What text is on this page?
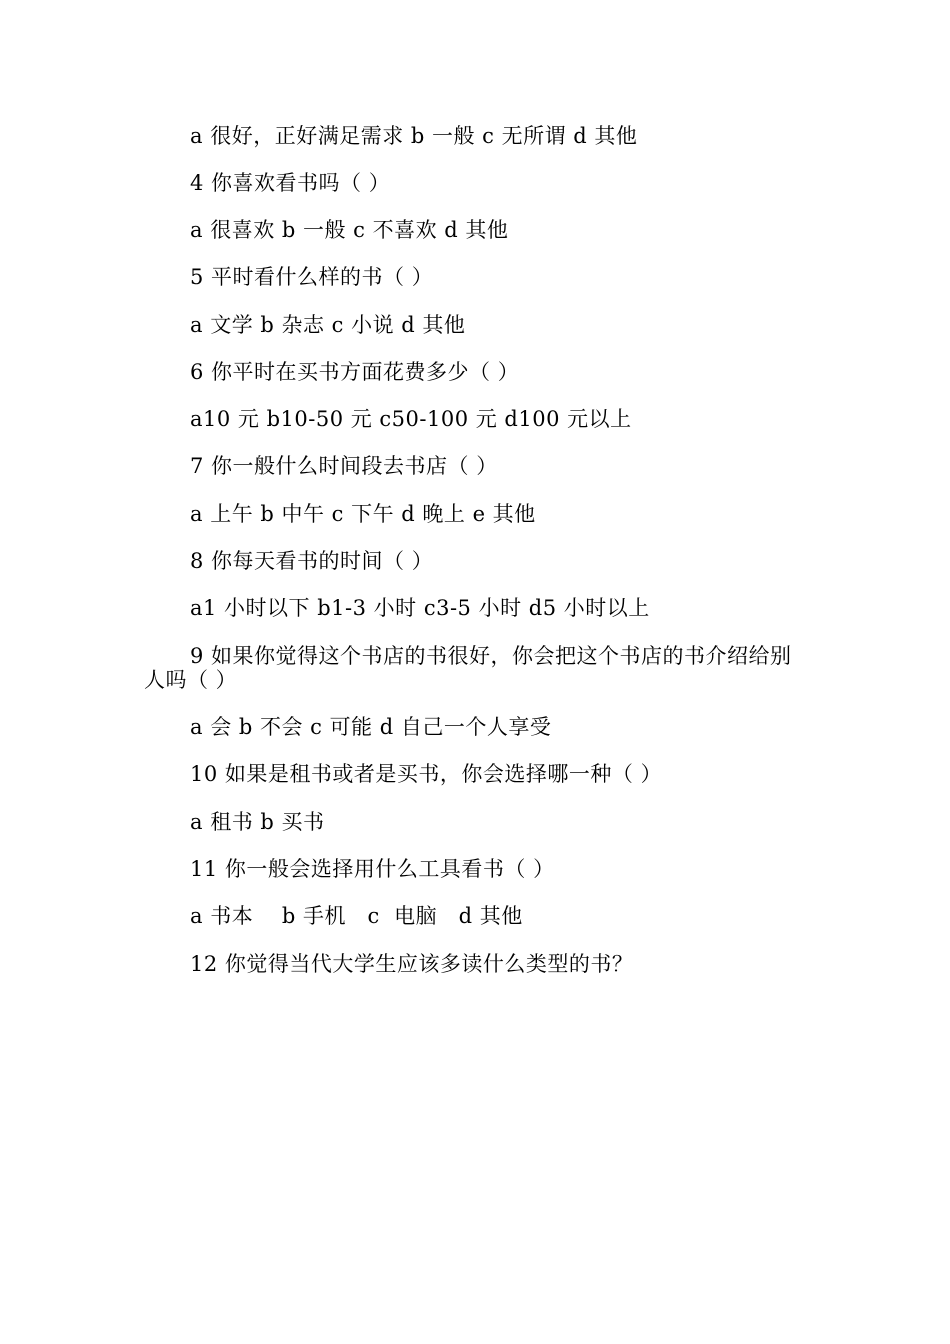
a 很好，正好满足需求 b 一般 c 无所谓 d 其他
4 你喜欢看书吗（ ）
a 很喜欢 b 一般 c 不喜欢 d 其他
5 平时看什么样的书（ ）
a 文学 b 杂志 c 小说 d 其他
6 你平时在买书方面花费多少（ ）
a10 元 b10-50 元 c50-100 元 d100 元以上
7 你一般什么时间段去书店（ ）
a 上午 b 中午 c 下午 d 晚上 e 其他
8 你每天看书的时间（ ）
a1 小时以下 b1-3 小时 c3-5 小时 d5 小时以上
9 如果你觉得这个书店的书很好，你会把这个书店的书介绍给别
人吗（ ）
a 会 b 不会 c 可能 d 自己一个人享受
10 如果是租书或者是买书，你会选择哪一种（ ）
a 租书 b 买书
11 你一般会选择用什么工具看书（ ）
a 书本    b 手机   c  电脑   d 其他
12 你觉得当代大学生应该多读什么类型的书？
